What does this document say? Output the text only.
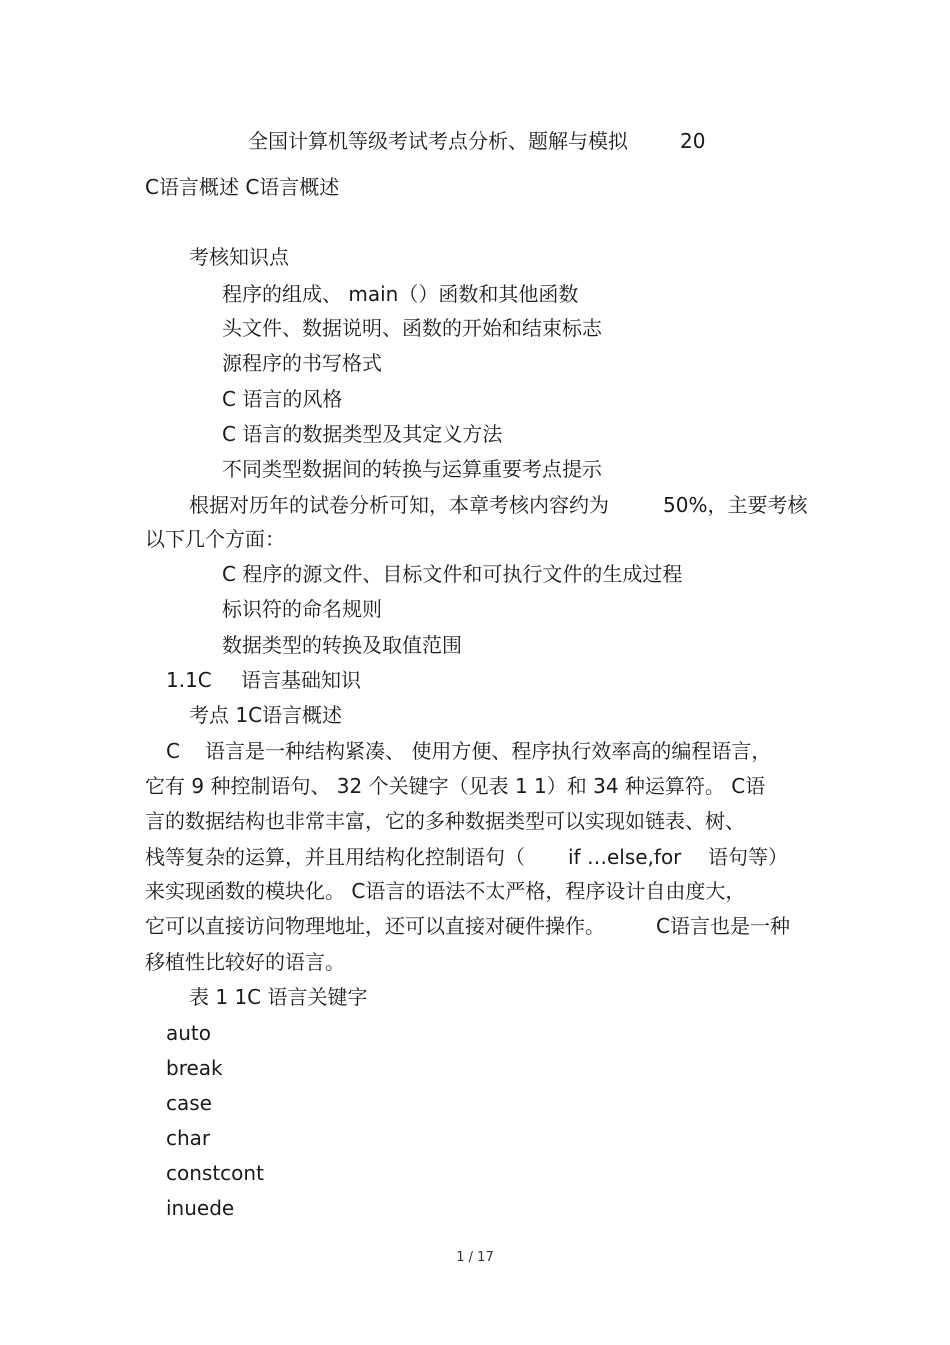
全国计算机等级考试考点分析、题解与模拟	20
C语言概述 C语言概述
考核知识点
程序的组成、 main（）函数和其他函数
头文件、数据说明、函数的开始和结束标志
源程序的书写格式
C 语言的风格
C 语言的数据类型及其定义方法
不同类型数据间的转换与运算重要考点提示
根据对历年的试卷分析可知，本章考核内容约为	50%，主要考核
以下几个方面：
C 程序的源文件、目标文件和可执行文件的生成过程
标识符的命名规则
数据类型的转换及取值范围
1.1C 语言基础知识
考点 1C语言概述
C 语言是一种结构紧凑、 使用方便、程序执行效率高的编程语言，
它有 9 种控制语句、 32 个关键字（见表 1 1）和 34 种运算符。 C语
言的数据结构也非常丰富，它的多种数据类型可以实现如链表、树、
栈等复杂的运算，并且用结构化控制语句（ if …else,for 语句等）
来实现函数的模块化。 C语言的语法不太严格，程序设计自由度大，
它可以直接访问物理地址，还可以直接对硬件操作。	C语言也是一种
移植性比较好的语言。
表 1 1C 语言关键字
auto
break
case
char
constcont
inuede
1 / 17
